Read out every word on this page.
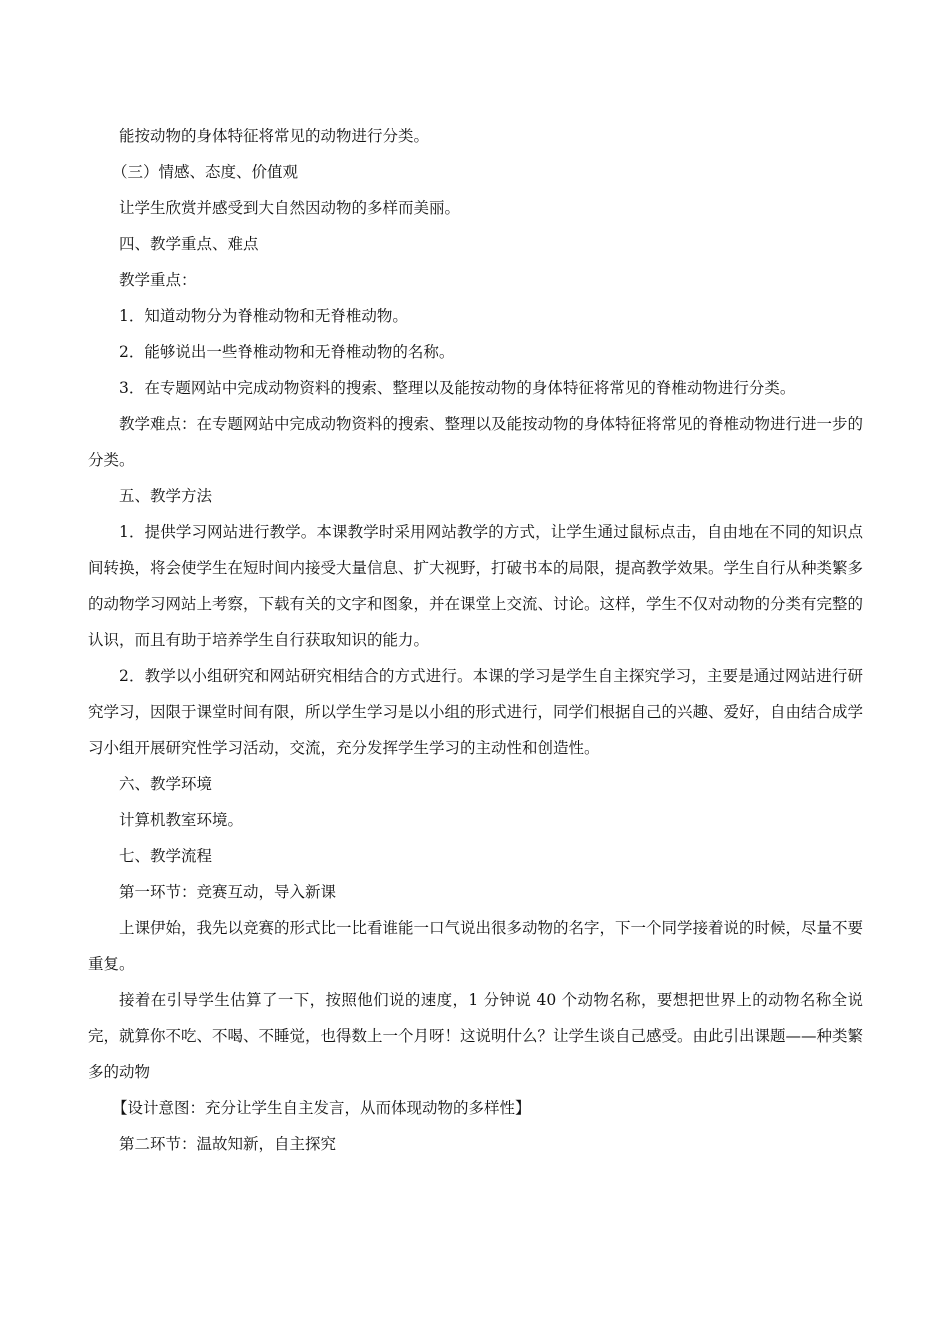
能按动物的身体特征将常见的动物进行分类。

（三）情感、态度、价值观

让学生欣赏并感受到大自然因动物的多样而美丽。

四、教学重点、难点

教学重点：

1．知道动物分为脊椎动物和无脊椎动物。

2．能够说出一些脊椎动物和无脊椎动物的名称。

3．在专题网站中完成动物资料的搜索、整理以及能按动物的身体特征将常见的脊椎动物进行分类。

教学难点：在专题网站中完成动物资料的搜索、整理以及能按动物的身体特征将常见的脊椎动物进行进一步的分类。

五、教学方法

1．提供学习网站进行教学。本课教学时采用网站教学的方式，让学生通过鼠标点击，自由地在不同的知识点间转换，将会使学生在短时间内接受大量信息、扩大视野，打破书本的局限，提高教学效果。学生自行从种类繁多的动物学习网站上考察，下载有关的文字和图象，并在课堂上交流、讨论。这样，学生不仅对动物的分类有完整的认识，而且有助于培养学生自行获取知识的能力。

2．教学以小组研究和网站研究相结合的方式进行。本课的学习是学生自主探究学习，主要是通过网站进行研究学习，因限于课堂时间有限，所以学生学习是以小组的形式进行，同学们根据自己的兴趣、爱好，自由结合成学习小组开展研究性学习活动，交流，充分发挥学生学习的主动性和创造性。

六、教学环境

计算机教室环境。

七、教学流程

第一环节：竞赛互动，导入新课

上课伊始，我先以竞赛的形式比一比看谁能一口气说出很多动物的名字，下一个同学接着说的时候，尽量不要重复。

接着在引导学生估算了一下，按照他们说的速度，1 分钟说 40 个动物名称，要想把世界上的动物名称全说完，就算你不吃、不喝、不睡觉，也得数上一个月呀！这说明什么？让学生谈自己感受。由此引出课题——种类繁多的动物

【设计意图：充分让学生自主发言，从而体现动物的多样性】

第二环节：温故知新，自主探究
